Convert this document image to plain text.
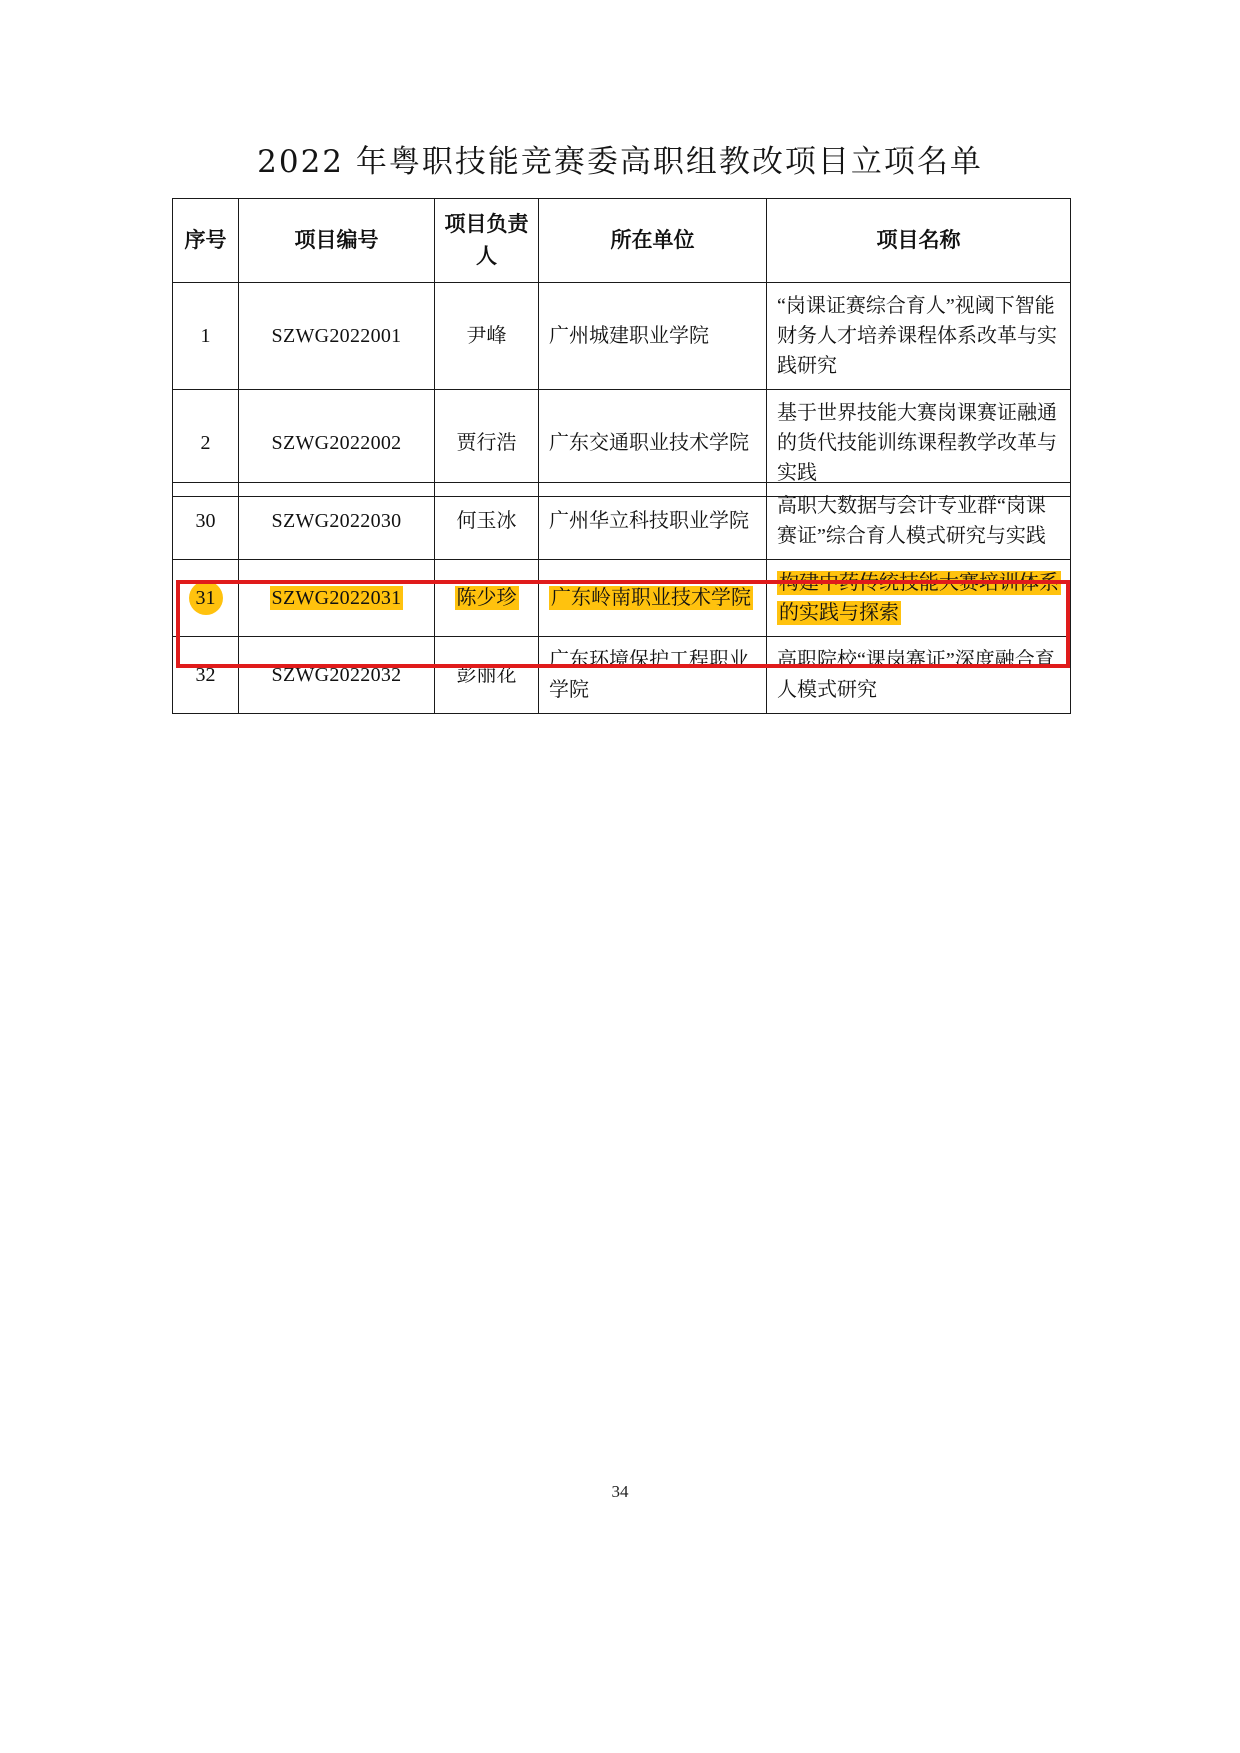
2022 年粤职技能竞赛委高职组教改项目立项名单
序号	项目编号	项目负责人	所在单位	项目名称
1	SZWG2022001	尹峰	广州城建职业学院	“岗课证赛综合育人”视阈下智能财务人才培养课程体系改革与实践研究
2	SZWG2022002	贾行浩	广东交通职业技术学院	基于世界技能大赛岗课赛证融通的货代技能训练课程教学改革与实践
30	SZWG2022030	何玉冰	广州华立科技职业学院	高职大数据与会计专业群“岗课赛证”综合育人模式研究与实践
31	SZWG2022031	陈少珍	广东岭南职业技术学院	构建中药传统技能大赛培训体系的实践与探索
32	SZWG2022032	彭丽花	广东环境保护工程职业学院	高职院校“课岗赛证”深度融合育人模式研究
34
